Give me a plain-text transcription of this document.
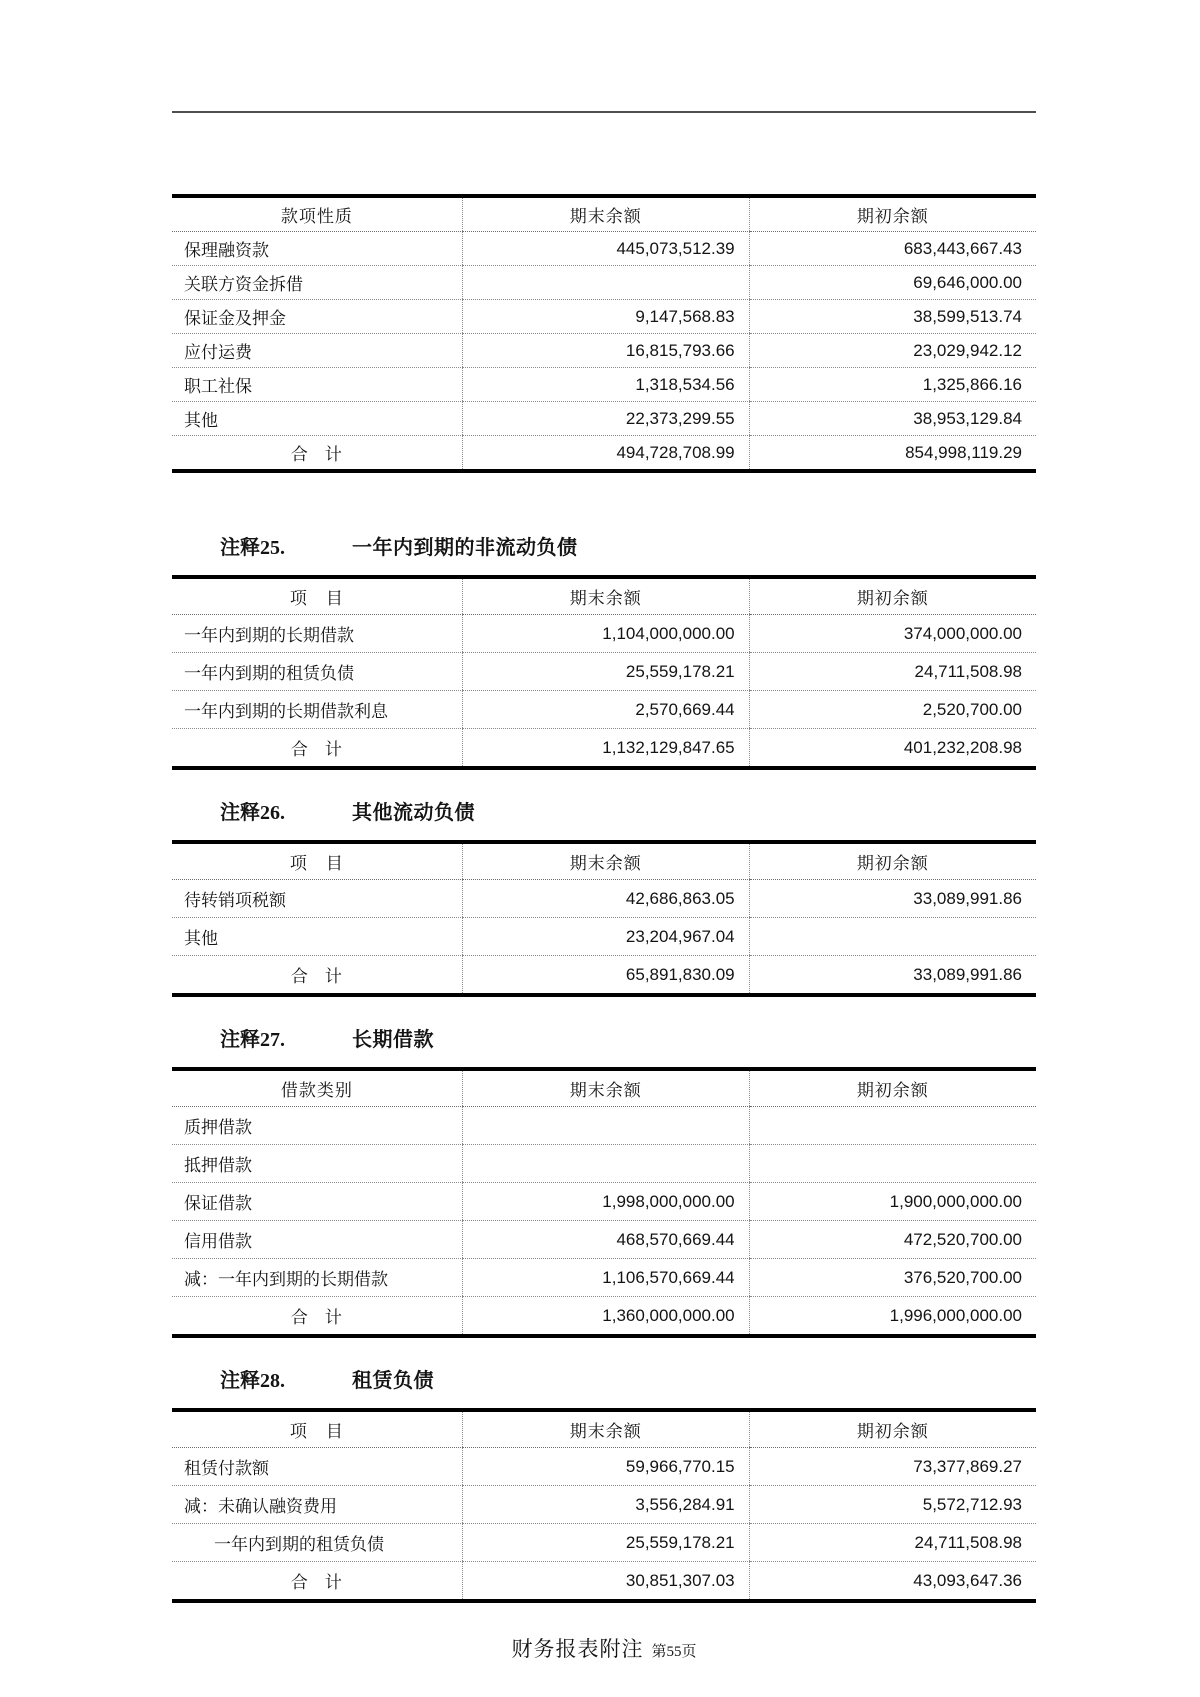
款项性质	期末余额	期初余额
保理融资款	445,073,512.39	683,443,667.43
关联方资金拆借		69,646,000.00
保证金及押金	9,147,568.83	38,599,513.74
应付运费	16,815,793.66	23,029,942.12
职工社保	1,318,534.56	1,325,866.16
其他	22,373,299.55	38,953,129.84
合　计	494,728,708.99	854,998,119.29
注释25.	一年内到期的非流动负债
项　目	期末余额	期初余额
一年内到期的长期借款	1,104,000,000.00	374,000,000.00
一年内到期的租赁负债	25,559,178.21	24,711,508.98
一年内到期的长期借款利息	2,570,669.44	2,520,700.00
合　计	1,132,129,847.65	401,232,208.98
注释26.	其他流动负债
项　目	期末余额	期初余额
待转销项税额	42,686,863.05	33,089,991.86
其他	23,204,967.04	
合　计	65,891,830.09	33,089,991.86
注释27.	长期借款
借款类别	期末余额	期初余额
质押借款		
抵押借款		
保证借款	1,998,000,000.00	1,900,000,000.00
信用借款	468,570,669.44	472,520,700.00
减：一年内到期的长期借款	1,106,570,669.44	376,520,700.00
合　计	1,360,000,000.00	1,996,000,000.00
注释28.	租赁负债
项　目	期末余额	期初余额
租赁付款额	59,966,770.15	73,377,869.27
减：未确认融资费用	3,556,284.91	5,572,712.93
一年内到期的租赁负债	25,559,178.21	24,711,508.98
合　计	30,851,307.03	43,093,647.36
财务报表附注 第55页
